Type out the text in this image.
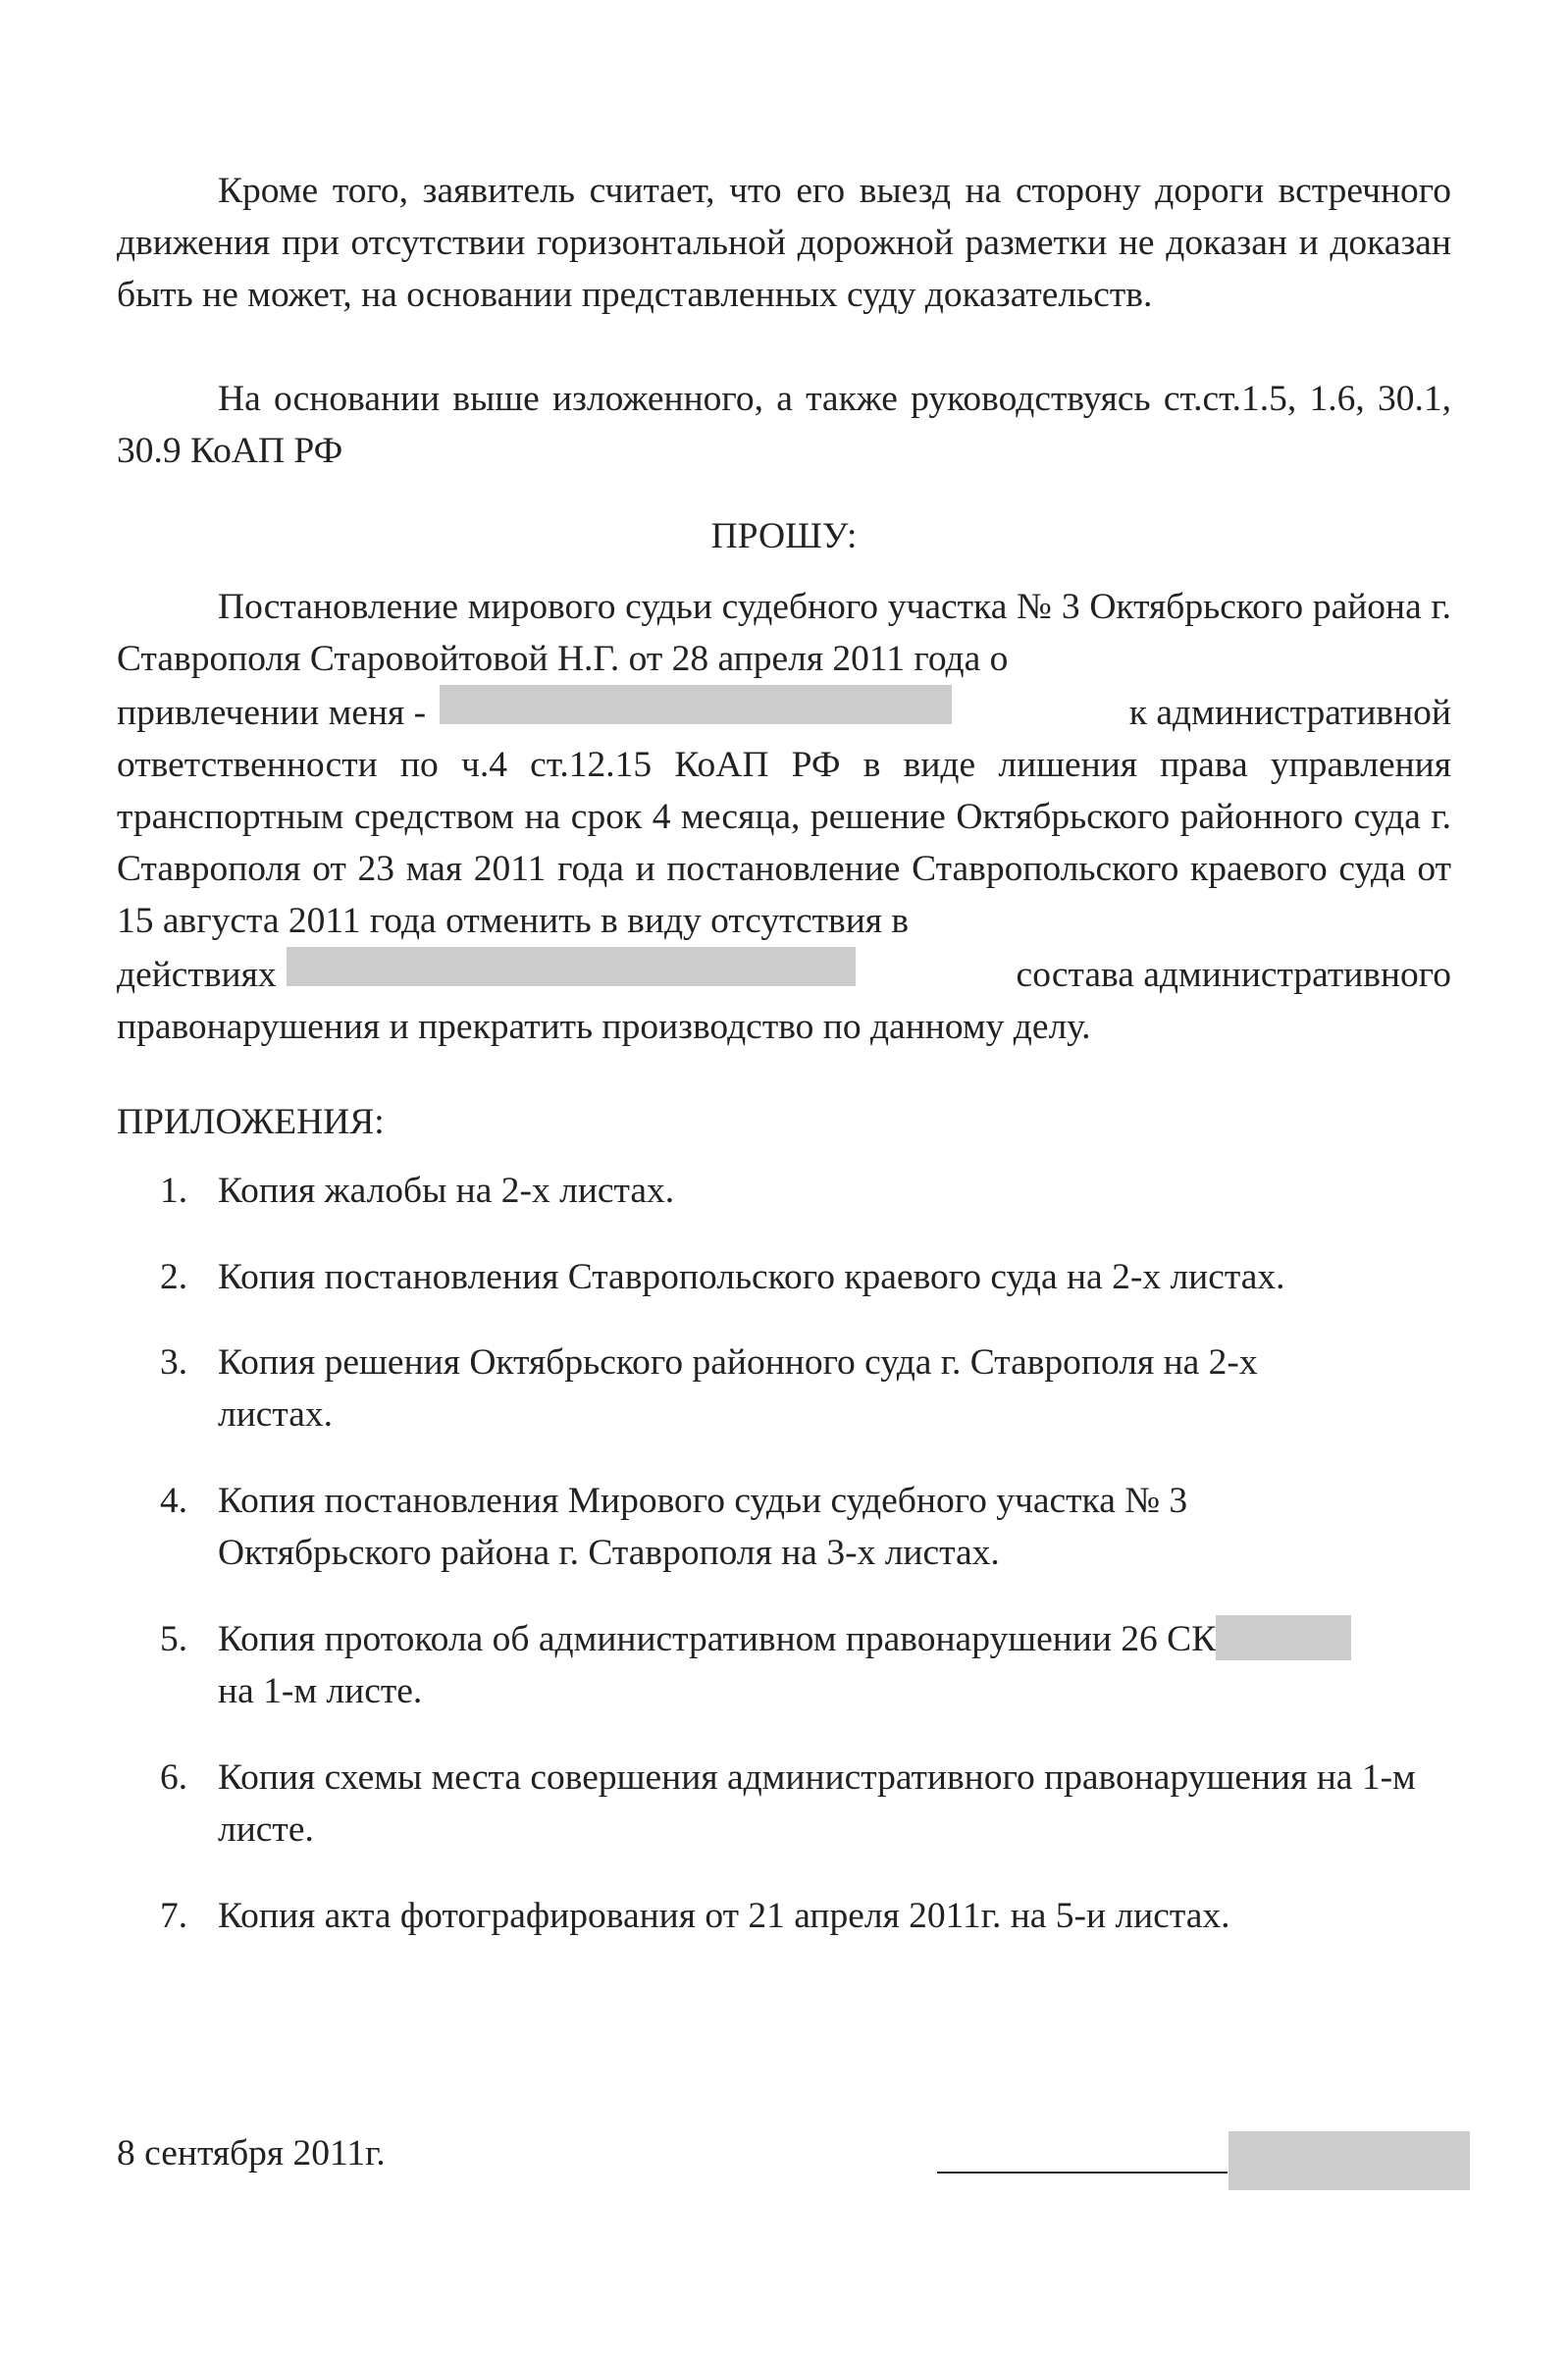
Кроме того, заявитель считает, что его выезд на сторону дороги встречного движения при отсутствии горизонтальной дорожной разметки не доказан и доказан быть не может, на основании представленных суду доказательств.

На основании выше изложенного, а также руководствуясь ст.ст.1.5, 1.6, 30.1, 30.9 КоАП РФ

ПРОШУ:

Постановление мирового судьи судебного участка № 3 Октябрьского района г. Ставрополя Старовойтовой Н.Г. от 28 апреля 2011 года о
привлечении меня -	к административной
ответственности по ч.4 ст.12.15 КоАП РФ в виде лишения права управления транспортным средством на срок 4 месяца, решение Октябрьского районного суда г. Ставрополя от 23 мая 2011 года и постановление Ставропольского краевого суда от 15 августа 2011 года отменить в виду отсутствия в
действиях	состава административного
правонарушения и прекратить производство по данному делу.

ПРИЛОЖЕНИЯ:

1. Копия жалобы на 2-х листах.
2. Копия постановления Ставропольского краевого суда на 2-х листах.
3. Копия решения Октябрьского районного суда г. Ставрополя на 2-х листах.
4. Копия постановления Мирового судьи судебного участка № 3 Октябрьского района г. Ставрополя на 3-х листах.
5. Копия протокола об административном правонарушении 26 СК
на 1-м листе.
6. Копия схемы места совершения административного правонарушения на 1-м листе.
7. Копия акта фотографирования от 21 апреля 2011г. на 5-и листах.

8 сентября 2011г.
